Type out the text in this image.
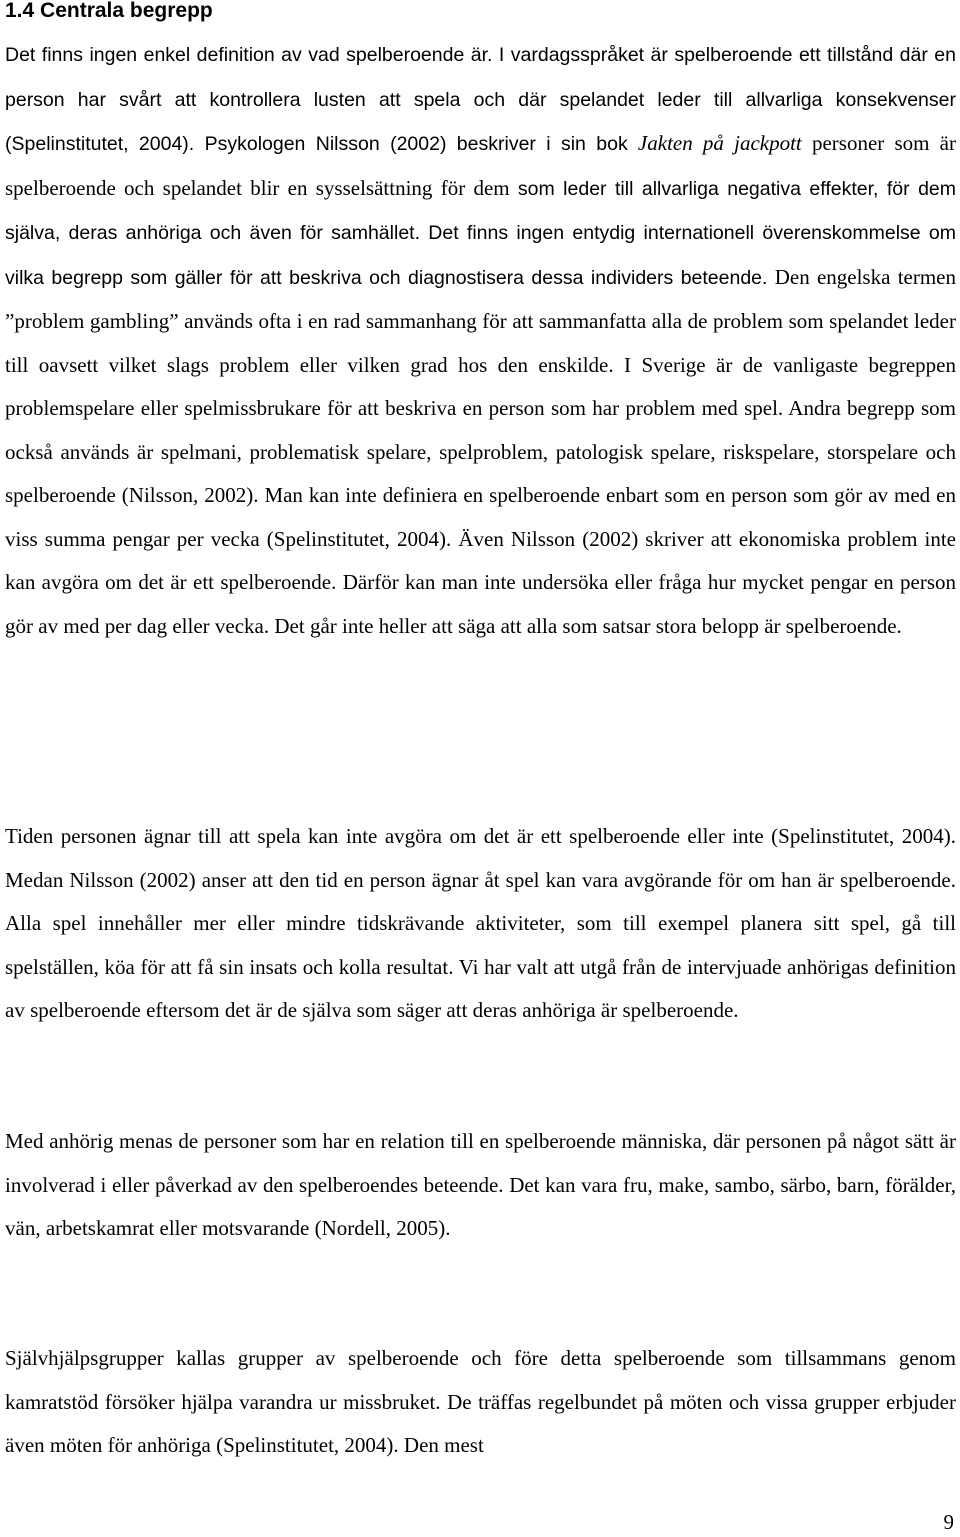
1.4 Centrala begrepp

Det finns ingen enkel definition av vad spelberoende är. I vardagsspråket är spelberoende ett tillstånd där en person har svårt att kontrollera lusten att spela och där spelandet leder till allvarliga konsekvenser (Spelinstitutet, 2004). Psykologen Nilsson (2002) beskriver i sin bok Jakten på jackpott personer som är spelberoende och spelandet blir en sysselsättning för dem som leder till allvarliga negativa effekter, för dem själva, deras anhöriga och även för samhället. Det finns ingen entydig internationell överenskommelse om vilka begrepp som gäller för att beskriva och diagnostisera dessa individers beteende. Den engelska termen ”problem gambling” används ofta i en rad sammanhang för att sammanfatta alla de problem som spelandet leder till oavsett vilket slags problem eller vilken grad hos den enskilde. I Sverige är de vanligaste begreppen problemspelare eller spelmissbrukare för att beskriva en person som har problem med spel. Andra begrepp som också används är spelmani, problematisk spelare, spelproblem, patologisk spelare, riskspelare, storspelare och spelberoende (Nilsson, 2002). Man kan inte definiera en spelberoende enbart som en person som gör av med en viss summa pengar per vecka (Spelinstitutet, 2004). Även Nilsson (2002) skriver att ekonomiska problem inte kan avgöra om det är ett spelberoende. Därför kan man inte undersöka eller fråga hur mycket pengar en person gör av med per dag eller vecka. Det går inte heller att säga att alla som satsar stora belopp är spelberoende.

Tiden personen ägnar till att spela kan inte avgöra om det är ett spelberoende eller inte (Spelinstitutet, 2004). Medan Nilsson (2002) anser att den tid en person ägnar åt spel kan vara avgörande för om han är spelberoende. Alla spel innehåller mer eller mindre tidskrävande aktiviteter, som till exempel planera sitt spel, gå till spelställen, köa för att få sin insats och kolla resultat. Vi har valt att utgå från de intervjuade anhörigas definition av spelberoende eftersom det är de själva som säger att deras anhöriga är spelberoende.

Med anhörig menas de personer som har en relation till en spelberoende människa, där personen på något sätt är involverad i eller påverkad av den spelberoendes beteende. Det kan vara fru, make, sambo, särbo, barn, förälder, vän, arbetskamrat eller motsvarande (Nordell, 2005).

Självhjälpsgrupper kallas grupper av spelberoende och före detta spelberoende som tillsammans genom kamratstöd försöker hjälpa varandra ur missbruket. De träffas regelbundet på möten och vissa grupper erbjuder även möten för anhöriga (Spelinstitutet, 2004). Den mest

9
